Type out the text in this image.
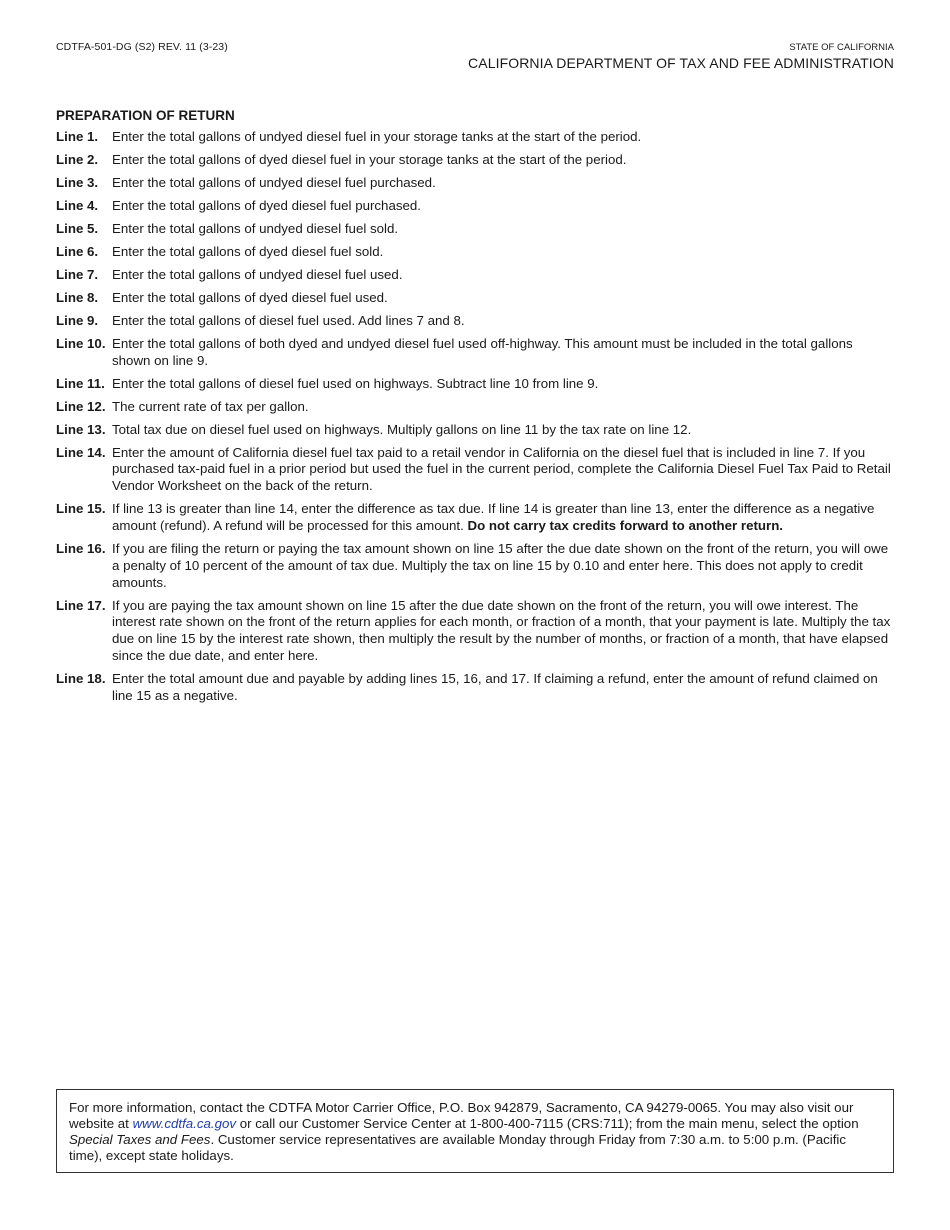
CDTFA-501-DG (S2) REV. 11 (3-23)	STATE OF CALIFORNIA
CALIFORNIA DEPARTMENT OF TAX AND FEE ADMINISTRATION
PREPARATION OF RETURN
Line 1.	Enter the total gallons of undyed diesel fuel in your storage tanks at the start of the period.
Line 2.	Enter the total gallons of dyed diesel fuel in your storage tanks at the start of the period.
Line 3.	Enter the total gallons of undyed diesel fuel purchased.
Line 4.	Enter the total gallons of dyed diesel fuel purchased.
Line 5.	Enter the total gallons of undyed diesel fuel sold.
Line 6.	Enter the total gallons of dyed diesel fuel sold.
Line 7.	Enter the total gallons of undyed diesel fuel used.
Line 8.	Enter the total gallons of dyed diesel fuel used.
Line 9.	Enter the total gallons of diesel fuel used. Add lines 7 and 8.
Line 10. Enter the total gallons of both dyed and undyed diesel fuel used off-highway. This amount must be included in the total gallons shown on line 9.
Line 11. Enter the total gallons of diesel fuel used on highways. Subtract line 10 from line 9.
Line 12. The current rate of tax per gallon.
Line 13. Total tax due on diesel fuel used on highways. Multiply gallons on line 11 by the tax rate on line 12.
Line 14. Enter the amount of California diesel fuel tax paid to a retail vendor in California on the diesel fuel that is included in line 7. If you purchased tax-paid fuel in a prior period but used the fuel in the current period, complete the California Diesel Fuel Tax Paid to Retail Vendor Worksheet on the back of the return.
Line 15. If line 13 is greater than line 14, enter the difference as tax due. If line 14 is greater than line 13, enter the difference as a negative amount (refund). A refund will be processed for this amount. Do not carry tax credits forward to another return.
Line 16. If you are filing the return or paying the tax amount shown on line 15 after the due date shown on the front of the return, you will owe a penalty of 10 percent of the amount of tax due. Multiply the tax on line 15 by 0.10 and enter here. This does not apply to credit amounts.
Line 17. If you are paying the tax amount shown on line 15 after the due date shown on the front of the return, you will owe interest. The interest rate shown on the front of the return applies for each month, or fraction of a month, that your payment is late. Multiply the tax due on line 15 by the interest rate shown, then multiply the result by the number of months, or fraction of a month, that have elapsed since the due date, and enter here.
Line 18. Enter the total amount due and payable by adding lines 15, 16, and 17. If claiming a refund, enter the amount of refund claimed on line 15 as a negative.
For more information, contact the CDTFA Motor Carrier Office, P.O. Box 942879, Sacramento, CA 94279-0065. You may also visit our website at www.cdtfa.ca.gov or call our Customer Service Center at 1-800-400-7115 (CRS:711); from the main menu, select the option Special Taxes and Fees. Customer service representatives are available Monday through Friday from 7:30 a.m. to 5:00 p.m. (Pacific time), except state holidays.
